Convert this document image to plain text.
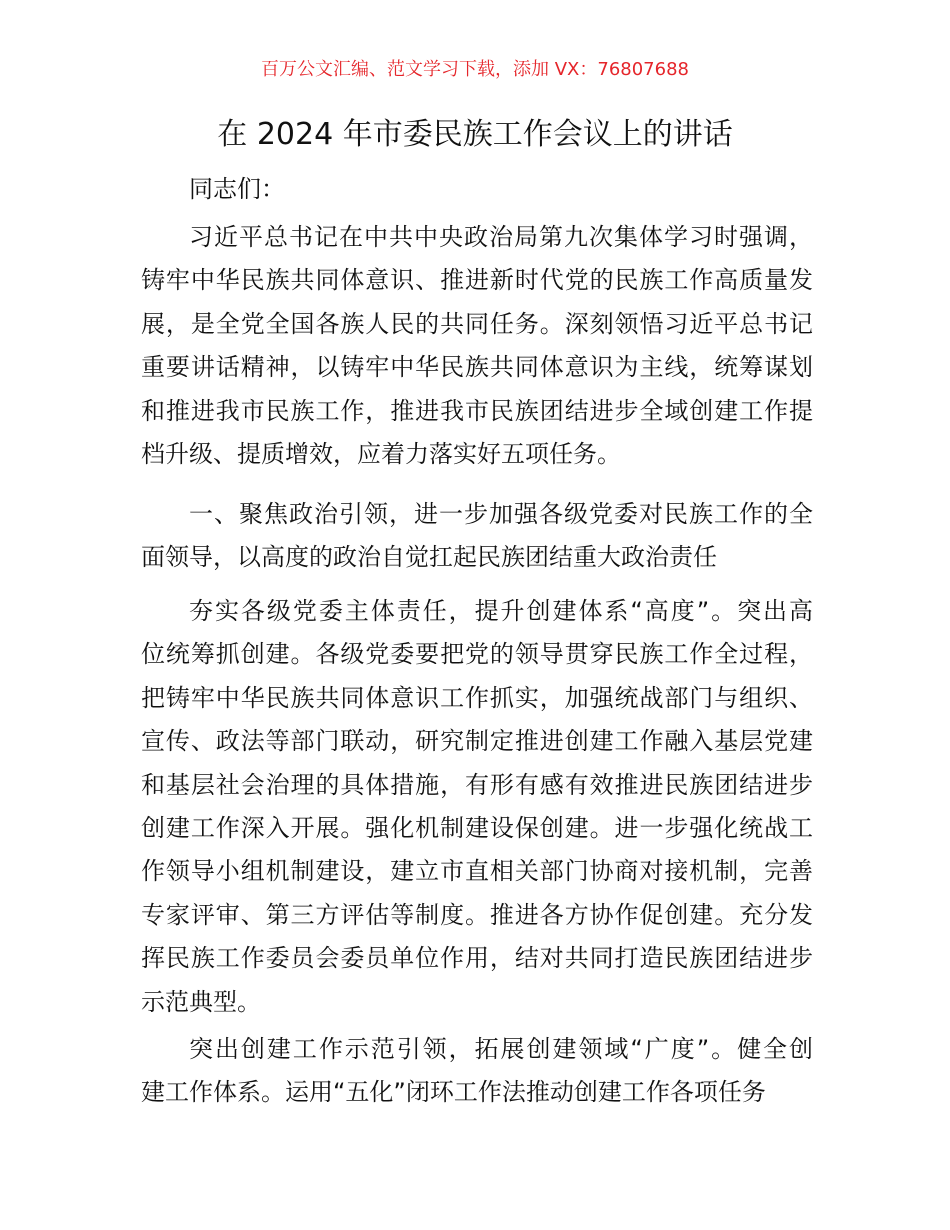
百万公文汇编、范文学习下载，添加 VX：76807688
在 2024 年市委民族工作会议上的讲话
同志们：
习近平总书记在中共中央政治局第九次集体学习时强调，
铸牢中华民族共同体意识、推进新时代党的民族工作高质量发
展，是全党全国各族人民的共同任务。深刻领悟习近平总书记
重要讲话精神，以铸牢中华民族共同体意识为主线，统筹谋划
和推进我市民族工作，推进我市民族团结进步全域创建工作提
档升级、提质增效，应着力落实好五项任务。
一、聚焦政治引领，进一步加强各级党委对民族工作的全
面领导，以高度的政治自觉扛起民族团结重大政治责任
夯实各级党委主体责任，提升创建体系“高度”。突出高
位统筹抓创建。各级党委要把党的领导贯穿民族工作全过程，
把铸牢中华民族共同体意识工作抓实，加强统战部门与组织、
宣传、政法等部门联动，研究制定推进创建工作融入基层党建
和基层社会治理的具体措施，有形有感有效推进民族团结进步
创建工作深入开展。强化机制建设保创建。进一步强化统战工
作领导小组机制建设，建立市直相关部门协商对接机制，完善
专家评审、第三方评估等制度。推进各方协作促创建。充分发
挥民族工作委员会委员单位作用，结对共同打造民族团结进步
示范典型。
突出创建工作示范引领，拓展创建领域“广度”。健全创
建工作体系。运用“五化”闭环工作法推动创建工作各项任务
